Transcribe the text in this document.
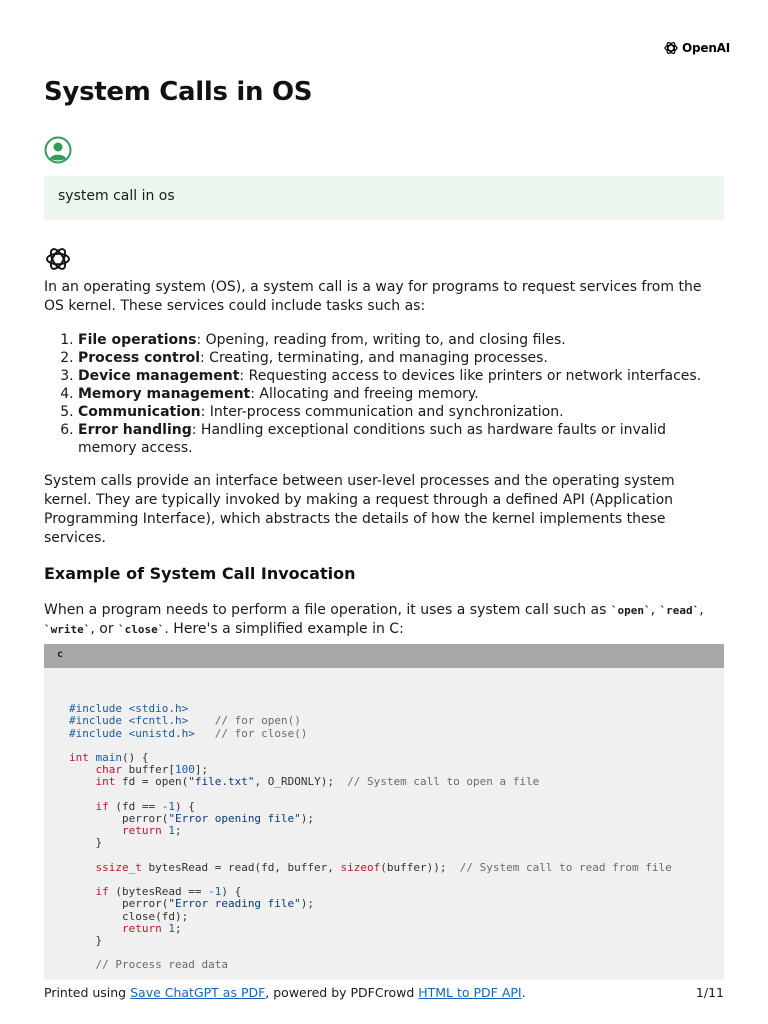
OpenAI
System Calls in OS
system call in os

In an operating system (OS), a system call is a way for programs to request services from the OS kernel. These services could include tasks such as:

1. File operations: Opening, reading from, writing to, and closing files.
2. Process control: Creating, terminating, and managing processes.
3. Device management: Requesting access to devices like printers or network interfaces.
4. Memory management: Allocating and freeing memory.
5. Communication: Inter-process communication and synchronization.
6. Error handling: Handling exceptional conditions such as hardware faults or invalid memory access.

System calls provide an interface between user-level processes and the operating system kernel. They are typically invoked by making a request through a defined API (Application Programming Interface), which abstracts the details of how the kernel implements these services.

Example of System Call Invocation

When a program needs to perform a file operation, it uses a system call such as `open`, `read`, `write`, or `close`. Here's a simplified example in C:

c

#include <stdio.h>
#include <fcntl.h> // for open()
#include <unistd.h> // for close()

int main() {
char buffer[100];
int fd = open("file.txt", O_RDONLY);  // System call to open a file

if (fd == -1) {
perror("Error opening file");
return 1;
}

ssize_t bytesRead = read(fd, buffer, sizeof(buffer));  // System call to read from file

if (bytesRead == -1) {
perror("Error reading file");
close(fd);
return 1;
}

// Process read data
Printed using Save ChatGPT as PDF, powered by PDFCrowd HTML to PDF API.	1/11
